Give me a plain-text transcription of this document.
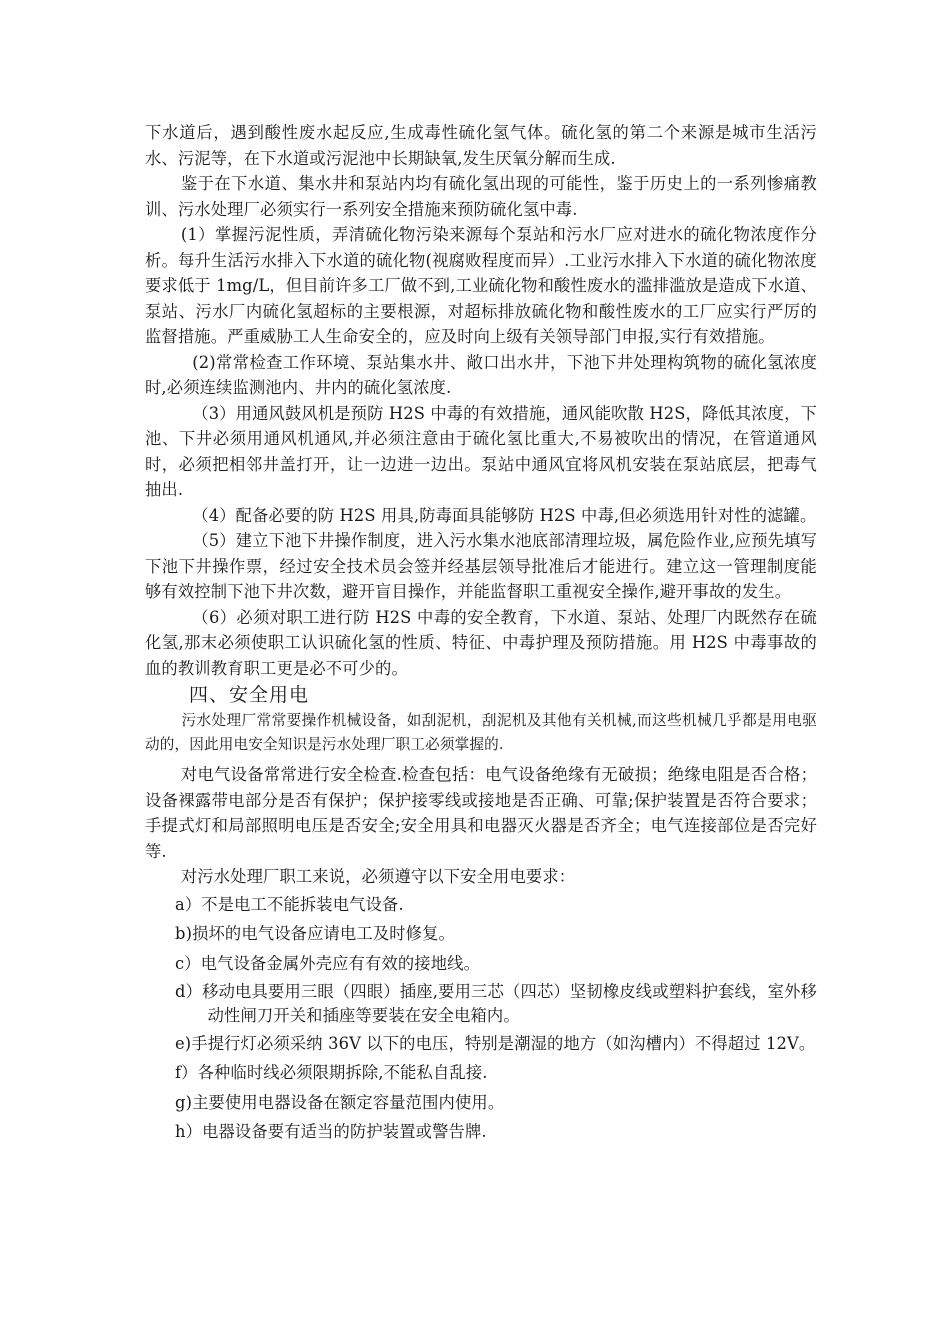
下水道后，遇到酸性废水起反应,生成毒性硫化氢气体。硫化氢的第二个来源是城市生活污水、污泥等，在下水道或污泥池中长期缺氧,发生厌氧分解而生成.

鉴于在下水道、集水井和泵站内均有硫化氢出现的可能性，鉴于历史上的一系列惨痛教训、污水处理厂必须实行一系列安全措施来预防硫化氢中毒.

(1）掌握污泥性质，弄清硫化物污染来源每个泵站和污水厂应对进水的硫化物浓度作分析。每升生活污水排入下水道的硫化物(视腐败程度而异）.工业污水排入下水道的硫化物浓度要求低于 1mg/L，但目前许多工厂做不到,工业硫化物和酸性废水的滥排滥放是造成下水道、泵站、污水厂内硫化氢超标的主要根源，对超标排放硫化物和酸性废水的工厂应实行严厉的监督措施。严重威胁工人生命安全的，应及时向上级有关领导部门申报,实行有效措施。

(2)常常检查工作环境、泵站集水井、敞口出水井，下池下井处理构筑物的硫化氢浓度时,必须连续监测池内、井内的硫化氢浓度.

（3）用通风鼓风机是预防 H2S 中毒的有效措施，通风能吹散 H2S，降低其浓度，下池、下井必须用通风机通风,并必须注意由于硫化氢比重大,不易被吹出的情况，在管道通风时，必须把相邻井盖打开，让一边进一边出。泵站中通风宜将风机安装在泵站底层，把毒气抽出.

（4）配备必要的防 H2S 用具,防毒面具能够防 H2S 中毒,但必须选用针对性的滤罐。

（5）建立下池下井操作制度，进入污水集水池底部清理垃圾，属危险作业,应预先填写下池下井操作票，经过安全技术员会签并经基层领导批准后才能进行。建立这一管理制度能够有效控制下池下井次数，避开盲目操作，并能监督职工重视安全操作,避开事故的发生。

（6）必须对职工进行防 H2S 中毒的安全教育，下水道、泵站、处理厂内既然存在硫化氢,那末必须使职工认识硫化氢的性质、特征、中毒护理及预防措施。用 H2S 中毒事故的血的教训教育职工更是必不可少的。

四、安全用电

污水处理厂常常要操作机械设备，如刮泥机，刮泥机及其他有关机械,而这些机械几乎都是用电驱动的，因此用电安全知识是污水处理厂职工必须掌握的.

对电气设备常常进行安全检查.检查包括：电气设备绝缘有无破损；绝缘电阻是否合格；设备裸露带电部分是否有保护；保护接零线或接地是否正确、可靠;保护装置是否符合要求；手提式灯和局部照明电压是否安全;安全用具和电器灭火器是否齐全；电气连接部位是否完好等.

对污水处理厂职工来说，必须遵守以下安全用电要求：

a）不是电工不能拆装电气设备.

b)损坏的电气设备应请电工及时修复。

c）电气设备金属外壳应有有效的接地线。

d）移动电具要用三眼（四眼）插座,要用三芯（四芯）坚韧橡皮线或塑料护套线，室外移动性闸刀开关和插座等要装在安全电箱内。

e)手提行灯必须采纳 36V 以下的电压，特别是潮湿的地方（如沟槽内）不得超过 12V。

f）各种临时线必须限期拆除,不能私自乱接.

g)主要使用电器设备在额定容量范围内使用。

h）电器设备要有适当的防护装置或警告牌.
